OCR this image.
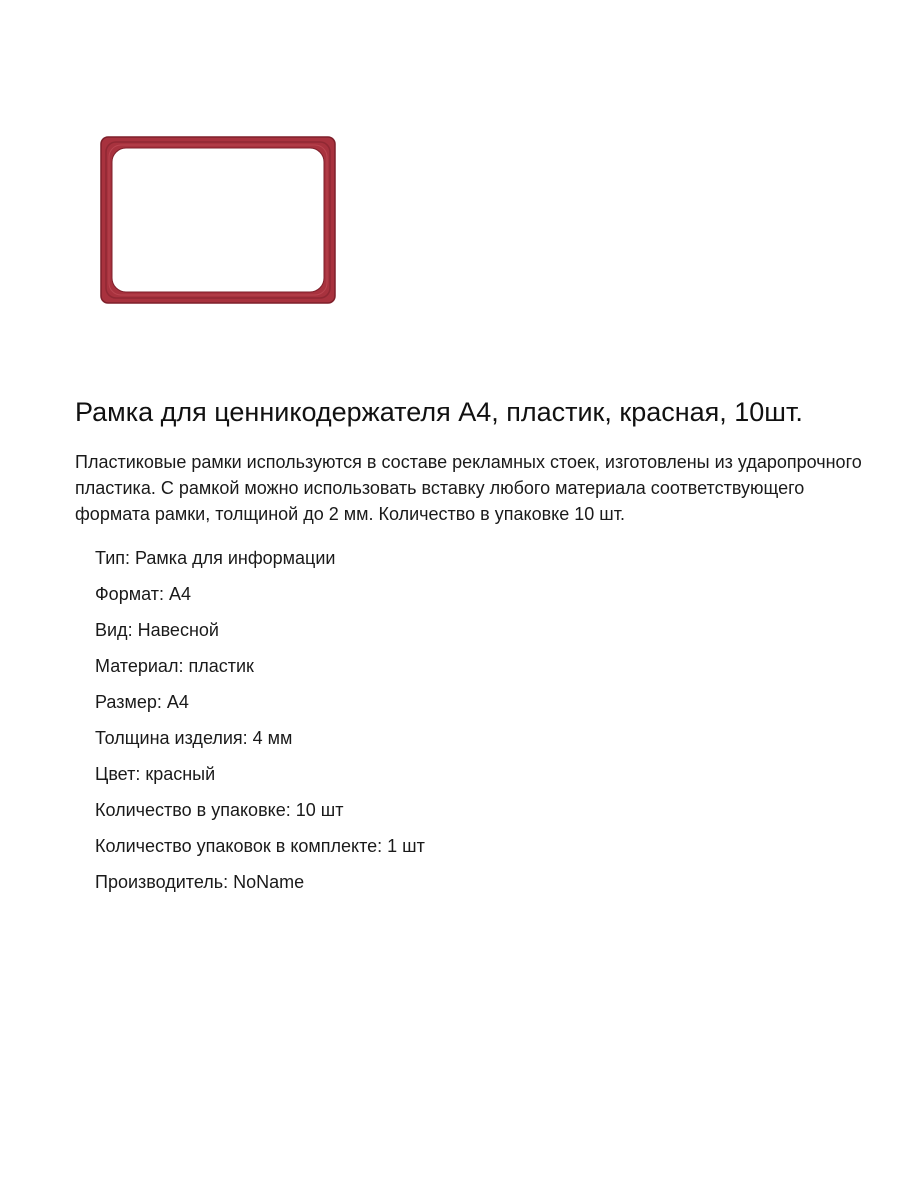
Рамка для ценникодержателя А4, пластик, красная, 10шт.

Пластиковые рамки используются в составе рекламных стоек, изготовлены из ударопрочного пластика. С рамкой можно использовать вставку любого материала соответствующего формата рамки, толщиной до 2 мм. Количество в упаковке 10 шт.

Тип: Рамка для информации
Формат: А4
Вид: Навесной
Материал: пластик
Размер: А4
Толщина изделия: 4 мм
Цвет: красный
Количество в упаковке: 10 шт
Количество упаковок в комплекте: 1 шт
Производитель: NoName
